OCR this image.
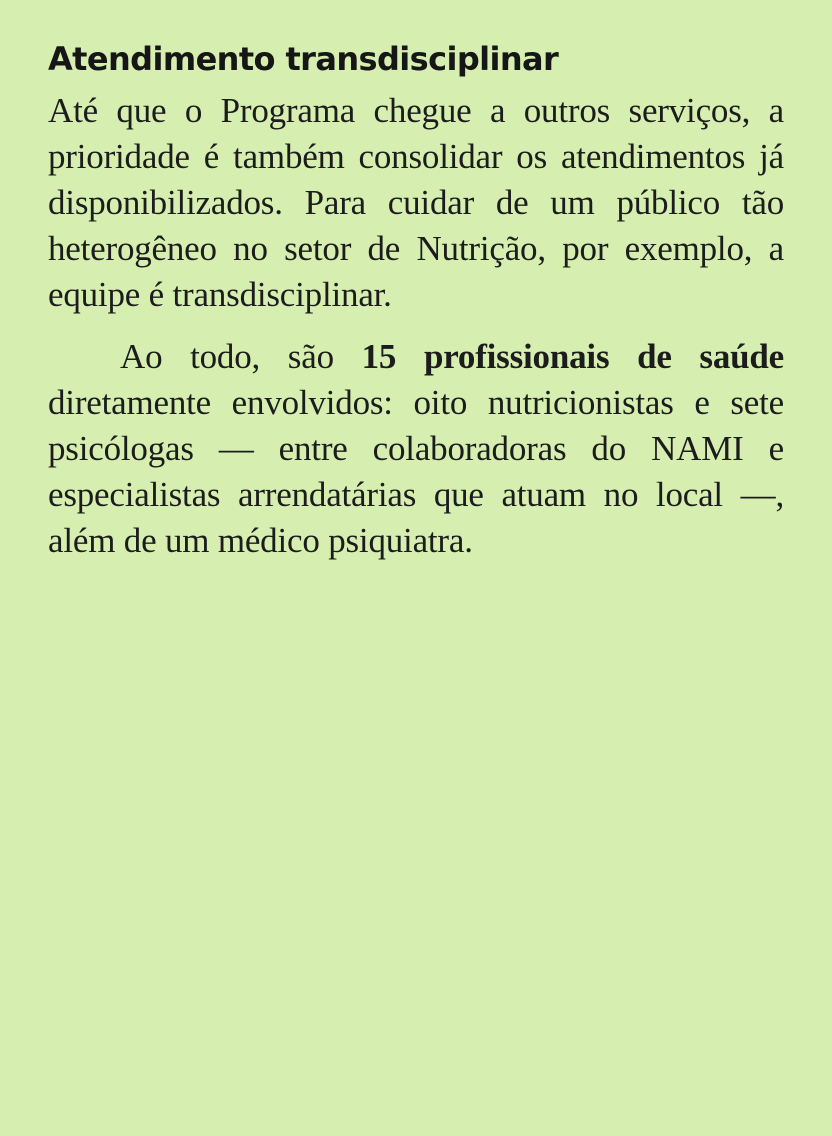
Atendimento transdisciplinar

Até que o Programa chegue a outros serviços, a prioridade é também consolidar os atendimentos já disponibilizados. Para cuidar de um público tão heterogêneo no setor de Nutrição, por exemplo, a equipe é transdisciplinar.

Ao todo, são 15 profissionais de saúde diretamente envolvidos: oito nutricionistas e sete psicólogas — entre colaboradoras do NAMI e especialistas arrendatárias que atuam no local —, além de um médico psiquiatra.
